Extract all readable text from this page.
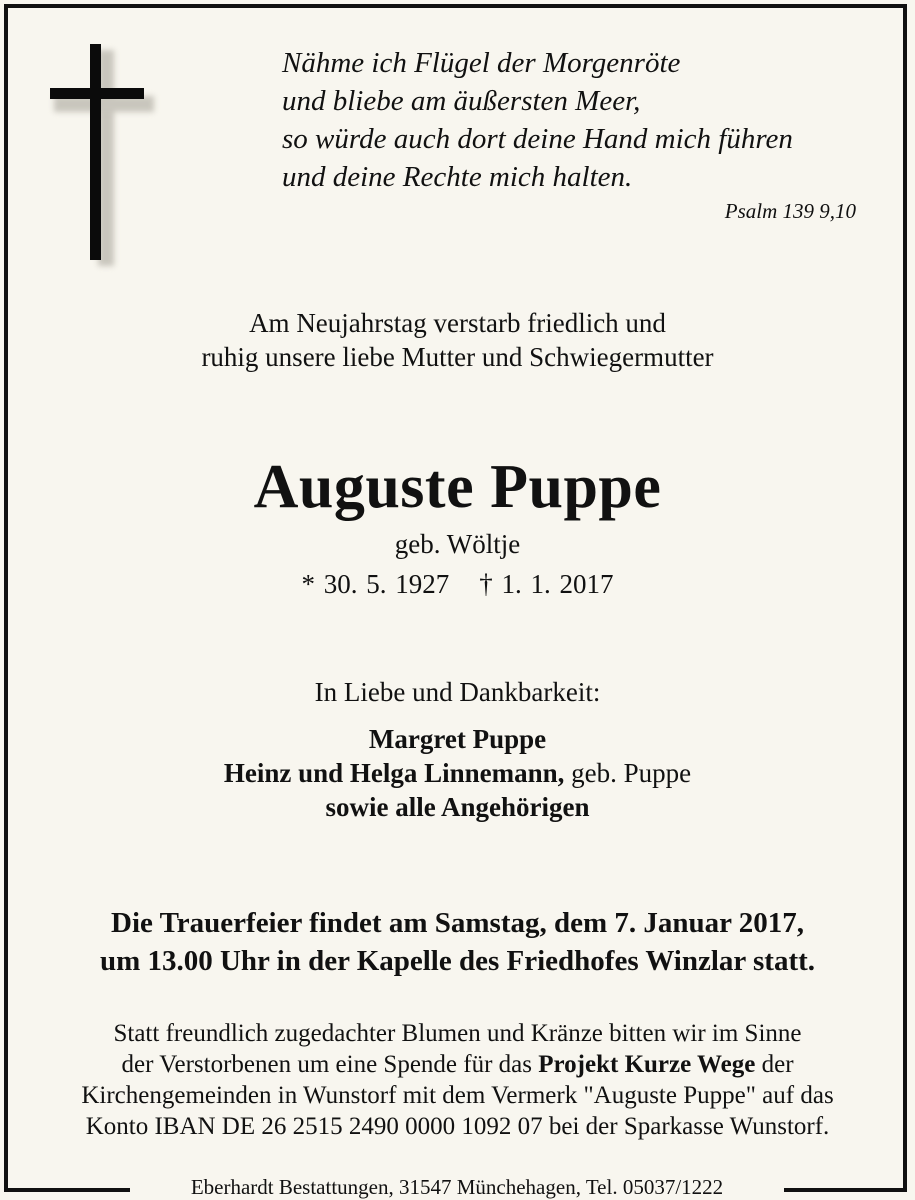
Nähme ich Flügel der Morgenröte
und bliebe am äußersten Meer,
so würde auch dort deine Hand mich führen
und deine Rechte mich halten.
Psalm 139 9,10
Am Neujahrstag verstarb friedlich und
ruhig unsere liebe Mutter und Schwiegermutter
Auguste Puppe
geb. Wöltje
* 30. 5. 1927 † 1. 1. 2017
In Liebe und Dankbarkeit:
Margret Puppe
Heinz und Helga Linnemann, geb. Puppe
sowie alle Angehörigen
Die Trauerfeier findet am Samstag, dem 7. Januar 2017,
um 13.00 Uhr in der Kapelle des Friedhofes Winzlar statt.
Statt freundlich zugedachter Blumen und Kränze bitten wir im Sinne
der Verstorbenen um eine Spende für das Projekt Kurze Wege der
Kirchengemeinden in Wunstorf mit dem Vermerk "Auguste Puppe" auf das
Konto IBAN DE 26 2515 2490 0000 1092 07 bei der Sparkasse Wunstorf.
Eberhardt Bestattungen, 31547 Münchehagen, Tel. 05037/1222
